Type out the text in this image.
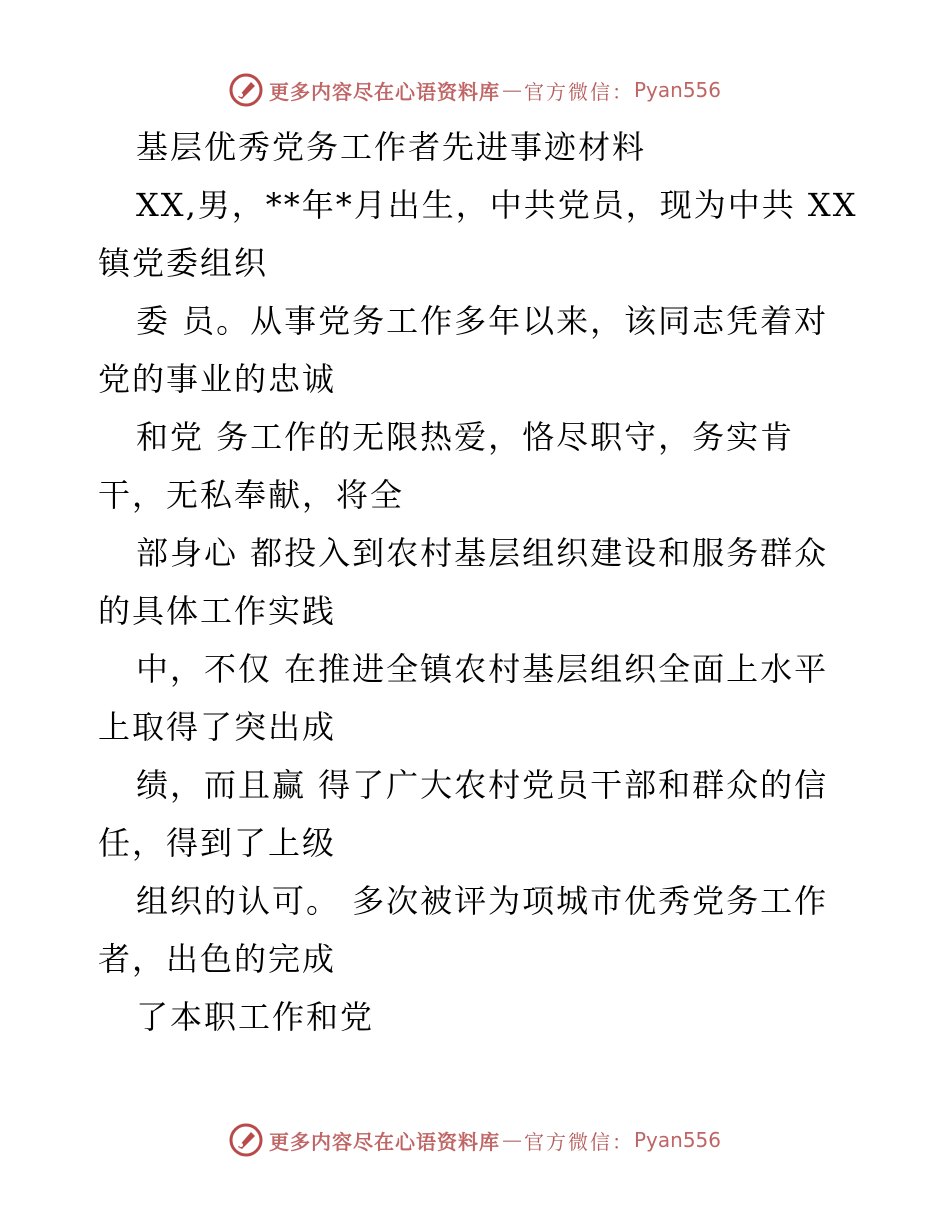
更多内容尽在心语资料库 — 官方微信： Pyan556
基层优秀党务工作者先进事迹材料
XX,男，**年*月出生，中共党员，现为中共 XX
镇党委组织
委 员。从事党务工作多年以来，该同志凭着对
党的事业的忠诚
和党 务工作的无限热爱，恪尽职守，务实肯
干，无私奉献，将全
部身心 都投入到农村基层组织建设和服务群众
的具体工作实践
中，不仅 在推进全镇农村基层组织全面上水平
上取得了突出成
绩，而且赢 得了广大农村党员干部和群众的信
任，得到了上级
组织的认可。 多次被评为项城市优秀党务工作
者，出色的完成
了本职工作和党
更多内容尽在心语资料库 — 官方微信： Pyan556
